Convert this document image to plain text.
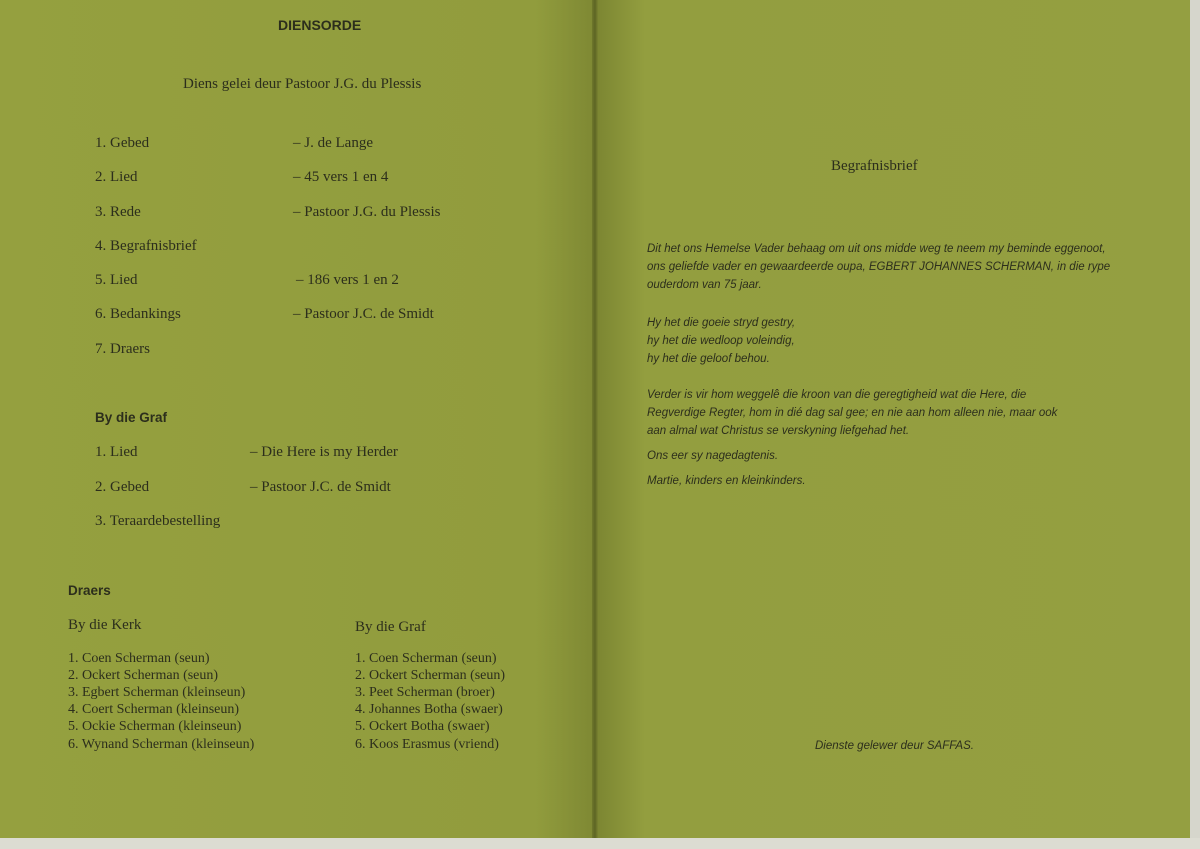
DIENSORDE
Diens gelei deur Pastoor J.G. du Plessis
1. Gebed	– J. de Lange
2. Lied	– 45 vers 1 en 4
3. Rede	– Pastoor J.G. du Plessis
4. Begrafnisbrief
5. Lied	– 186 vers 1 en 2
6. Bedankings	– Pastoor J.C. de Smidt
7. Draers
By die Graf
1. Lied	– Die Here is my Herder
2. Gebed	– Pastoor J.C. de Smidt
3. Teraardebestelling
Draers
By die Kerk
1. Coen Scherman (seun)
2. Ockert Scherman (seun)
3. Egbert Scherman (kleinseun)
4. Coert Scherman (kleinseun)
5. Ockie Scherman (kleinseun)
6. Wynand Scherman (kleinseun)
By die Graf
1. Coen Scherman (seun)
2. Ockert Scherman (seun)
3. Peet Scherman (broer)
4. Johannes Botha (swaer)
5. Ockert Botha (swaer)
6. Koos Erasmus (vriend)
Begrafnisbrief
Dit het ons Hemelse Vader behaag om uit ons midde weg te neem my beminde eggenoot,
ons geliefde vader en gewaardeerde oupa, EGBERT JOHANNES SCHERMAN, in die rype
ouderdom van 75 jaar.
Hy het die goeie stryd gestry,
hy het die wedloop voleindig,
hy het die geloof behou.
Verder is vir hom weggelê die kroon van die geregtigheid wat die Here, die
Regverdige Regter, hom in dié dag sal gee; en nie aan hom alleen nie, maar ook
aan almal wat Christus se verskyning liefgehad het.
Ons eer sy nagedagtenis.
Martie, kinders en kleinkinders.
Dienste gelewer deur SAFFAS.
